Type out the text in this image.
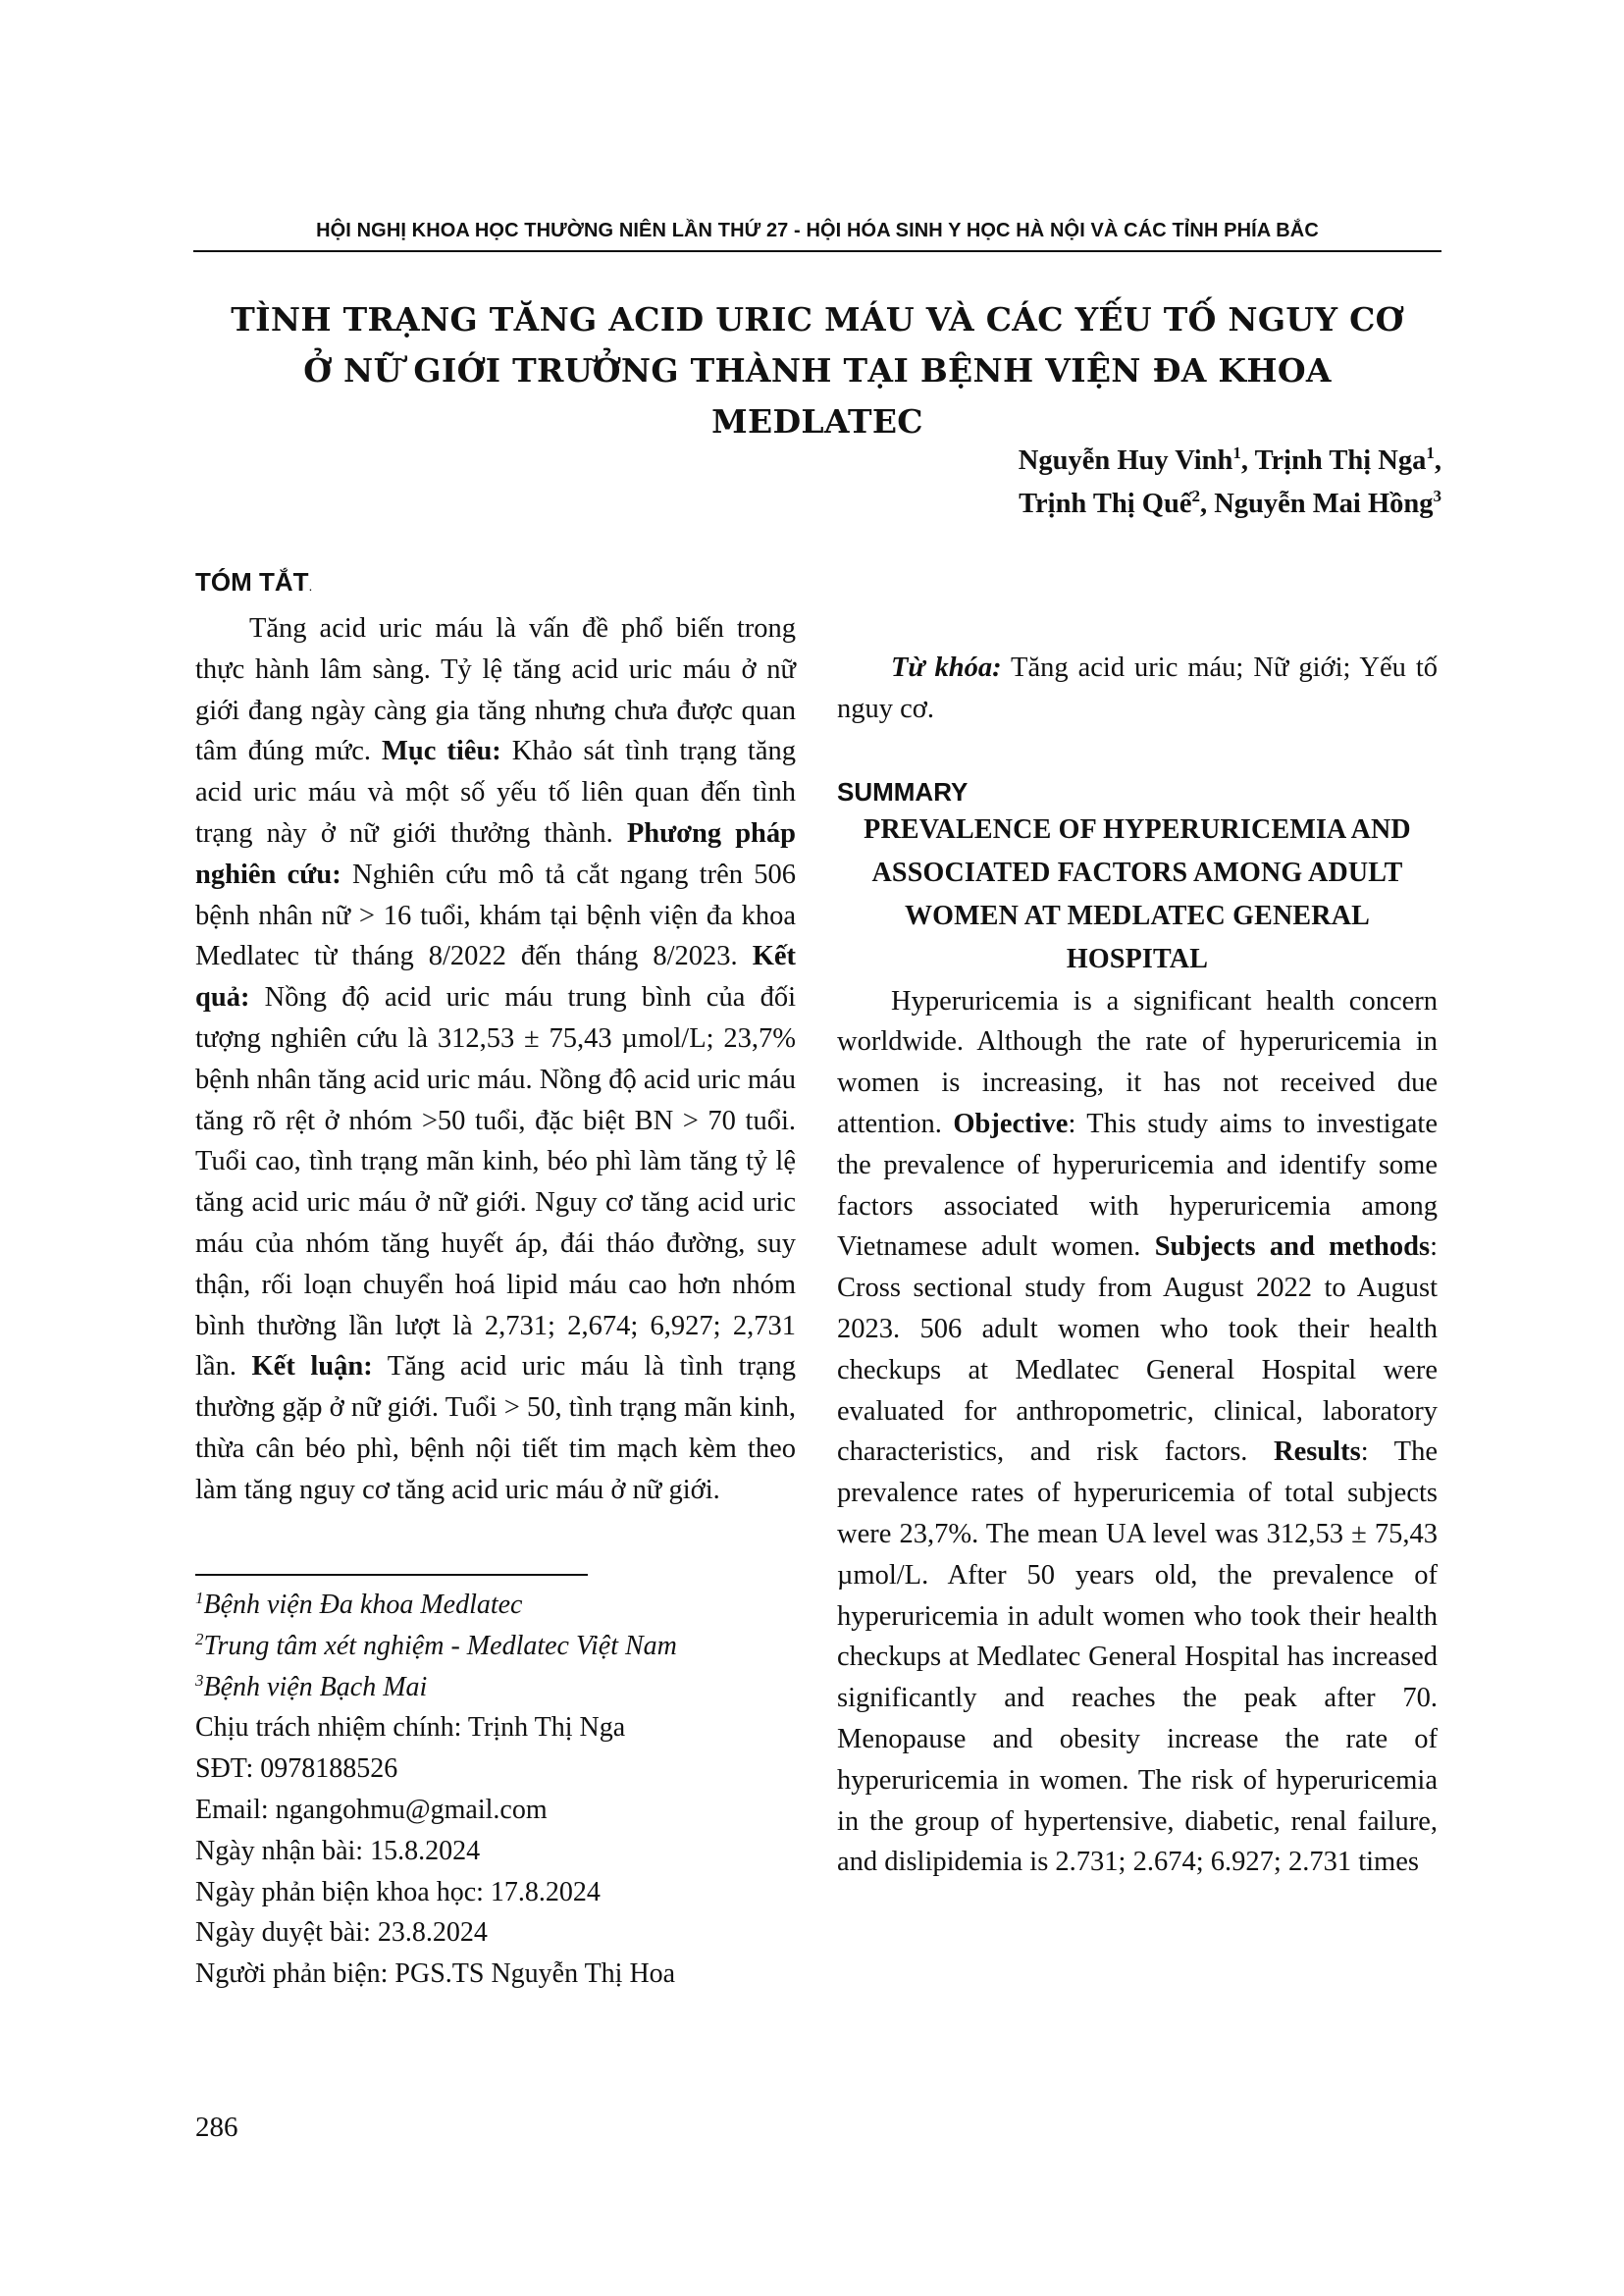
HỘI NGHỊ KHOA HỌC THƯỜNG NIÊN LẦN THỨ 27 - HỘI HÓA SINH Y HỌC HÀ NỘI VÀ CÁC TỈNH PHÍA BẮC
TÌNH TRẠNG TĂNG ACID URIC MÁU VÀ CÁC YẾU TỐ NGUY CƠ
Ở NỮ GIỚI TRƯỞNG THÀNH TẠI BỆNH VIỆN ĐA KHOA MEDLATEC
Nguyễn Huy Vinh$^1$, Trịnh Thị Nga$^1$,
Trịnh Thị Quế$^2$, Nguyễn Mai Hồng$^3$
TÓM TẮT.

Tăng acid uric máu là vấn đề phổ biến trong thực hành lâm sàng. Tỷ lệ tăng acid uric máu ở nữ giới đang ngày càng gia tăng nhưng chưa được quan tâm đúng mức. Mục tiêu: Khảo sát tình trạng tăng acid uric máu và một số yếu tố liên quan đến tình trạng này ở nữ giới thưởng thành. Phương pháp nghiên cứu: Nghiên cứu mô tả cắt ngang trên 506 bệnh nhân nữ > 16 tuổi, khám tại bệnh viện đa khoa Medlatec từ tháng 8/2022 đến tháng 8/2023. Kết quả: Nồng độ acid uric máu trung bình của đối tượng nghiên cứu là 312,53 ± 75,43 µmol/L; 23,7% bệnh nhân tăng acid uric máu. Nồng độ acid uric máu tăng rõ rệt ở nhóm >50 tuổi, đặc biệt BN > 70 tuổi. Tuổi cao, tình trạng mãn kinh, béo phì làm tăng tỷ lệ tăng acid uric máu ở nữ giới. Nguy cơ tăng acid uric máu của nhóm tăng huyết áp, đái tháo đường, suy thận, rối loạn chuyển hoá lipid máu cao hơn nhóm bình thường lần lượt là 2,731; 2,674; 6,927; 2,731 lần. Kết luận: Tăng acid uric máu là tình trạng thường gặp ở nữ giới. Tuổi > 50, tình trạng mãn kinh, thừa cân béo phì, bệnh nội tiết tim mạch kèm theo làm tăng nguy cơ tăng acid uric máu ở nữ giới.

Từ khóa: Tăng acid uric máu; Nữ giới; Yếu tố nguy cơ.

SUMMARY
PREVALENCE OF HYPERURICEMIA AND ASSOCIATED FACTORS AMONG ADULT WOMEN AT MEDLATEC GENERAL HOSPITAL

Hyperuricemia is a significant health concern worldwide. Although the rate of hyperuricemia in women is increasing, it has not received due attention. Objective: This study aims to investigate the prevalence of hyperuricemia and identify some factors associated with hyperuricemia among Vietnamese adult women. Subjects and methods: Cross sectional study from August 2022 to August 2023. 506 adult women who took their health checkups at Medlatec General Hospital were evaluated for anthropometric, clinical, laboratory characteristics, and risk factors. Results: The prevalence rates of hyperuricemia of total subjects were 23,7%. The mean UA level was 312,53 ± 75,43 µmol/L. After 50 years old, the prevalence of hyperuricemia in adult women who took their health checkups at Medlatec General Hospital has increased significantly and reaches the peak after 70. Menopause and obesity increase the rate of hyperuricemia in women. The risk of hyperuricemia in the group of hypertensive, diabetic, renal failure, and dislipidemia is 2.731; 2.674; 6.927; 2.731 times

$^1$Bệnh viện Đa khoa Medlatec
$^2$Trung tâm xét nghiệm - Medlatec Việt Nam
$^3$Bệnh viện Bạch Mai
Chịu trách nhiệm chính: Trịnh Thị Nga
SĐT: 0978188526
Email: ngangohmu@gmail.com
Ngày nhận bài: 15.8.2024
Ngày phản biện khoa học: 17.8.2024
Ngày duyệt bài: 23.8.2024
Người phản biện: PGS.TS Nguyễn Thị Hoa
286
